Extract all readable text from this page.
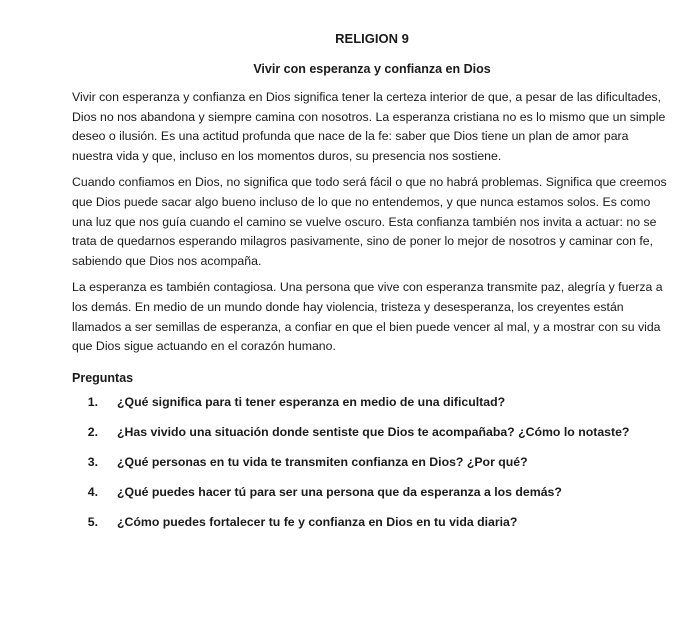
RELIGION 9
Vivir con esperanza y confianza en Dios

Vivir con esperanza y confianza en Dios significa tener la certeza interior de que, a pesar de las dificultades, Dios no nos abandona y siempre camina con nosotros. La esperanza cristiana no es lo mismo que un simple deseo o ilusión. Es una actitud profunda que nace de la fe: saber que Dios tiene un plan de amor para nuestra vida y que, incluso en los momentos duros, su presencia nos sostiene.

Cuando confiamos en Dios, no significa que todo será fácil o que no habrá problemas. Significa que creemos que Dios puede sacar algo bueno incluso de lo que no entendemos, y que nunca estamos solos. Es como una luz que nos guía cuando el camino se vuelve oscuro. Esta confianza también nos invita a actuar: no se trata de quedarnos esperando milagros pasivamente, sino de poner lo mejor de nosotros y caminar con fe, sabiendo que Dios nos acompaña.

La esperanza es también contagiosa. Una persona que vive con esperanza transmite paz, alegría y fuerza a los demás. En medio de un mundo donde hay violencia, tristeza y desesperanza, los creyentes están llamados a ser semillas de esperanza, a confiar en que el bien puede vencer al mal, y a mostrar con su vida que Dios sigue actuando en el corazón humano.

Preguntas
1.	¿Qué significa para ti tener esperanza en medio de una dificultad?
2.	¿Has vivido una situación donde sentiste que Dios te acompañaba? ¿Cómo lo notaste?
3.	¿Qué personas en tu vida te transmiten confianza en Dios? ¿Por qué?
4.	¿Qué puedes hacer tú para ser una persona que da esperanza a los demás?
5.	¿Cómo puedes fortalecer tu fe y confianza en Dios en tu vida diaria?
